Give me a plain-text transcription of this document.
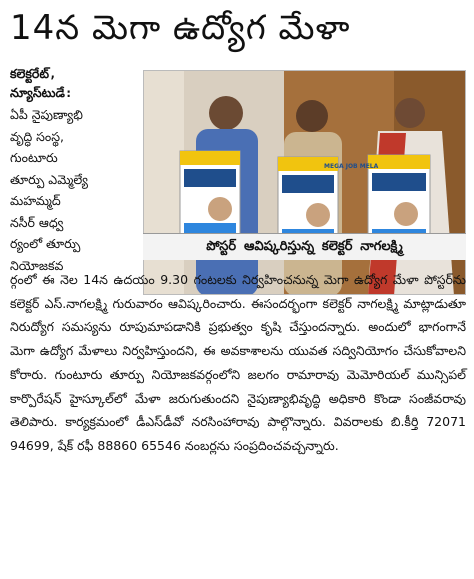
14న మెగా ఉద్యోగ మేళా
కలెక్టరేట్,
న్యూస్‌టుడే:
ఏపీ నైపుణ్యాభి
వృద్ధి సంస్థ,
గుంటూరు
తూర్పు ఎమ్మెల్యే
మహమ్మద్
నసీర్ ఆధ్వ
ర్యంలో తూర్పు
నియోజకవ
MEGA JOB MELA
పోస్టర్ ఆవిష్కరిస్తున్న కలెక్టర్ నాగలక్ష్మి
ర్గంలో ఈ నెల 14న ఉదయం 9.30 గంటలకు నిర్వహించనున్న మెగా ఉద్యోగ మేళా పోస్టర్‌ను కలెక్టర్ ఎస్.నాగలక్ష్మి గురువారం ఆవిష్కరించారు. ఈసందర్భంగా కలెక్టర్ నాగలక్ష్మి మాట్లాడుతూ నిరుద్యోగ సమస్యను రూపుమాపడానికి ప్రభుత్వం కృషి చేస్తుందన్నారు. అందులో భాగంగానే మెగా ఉద్యోగ మేళాలు నిర్వహిస్తుందని, ఈ అవకాశాలను యువత సద్వినియోగం చేసుకోవాలని కోరారు. గుంటూరు తూర్పు నియోజకవర్గంలోని జలగం రామారావు మెమోరియల్ మున్సిపల్ కార్పొరేషన్ హైస్కూల్‌లో మేళా జరుగుతుందని నైపుణ్యాభివృద్ధి అధికారి కొండా సంజీవరావు తెలిపారు. కార్యక్రమంలో డీఎస్‌డీవో నరసింహారావు పాల్గొన్నారు. వివరాలకు బి.కీర్తి 72071 94699, షేక్ రఫీ 88860 65546 నంబర్లను సంప్రదించవచ్చన్నారు.
